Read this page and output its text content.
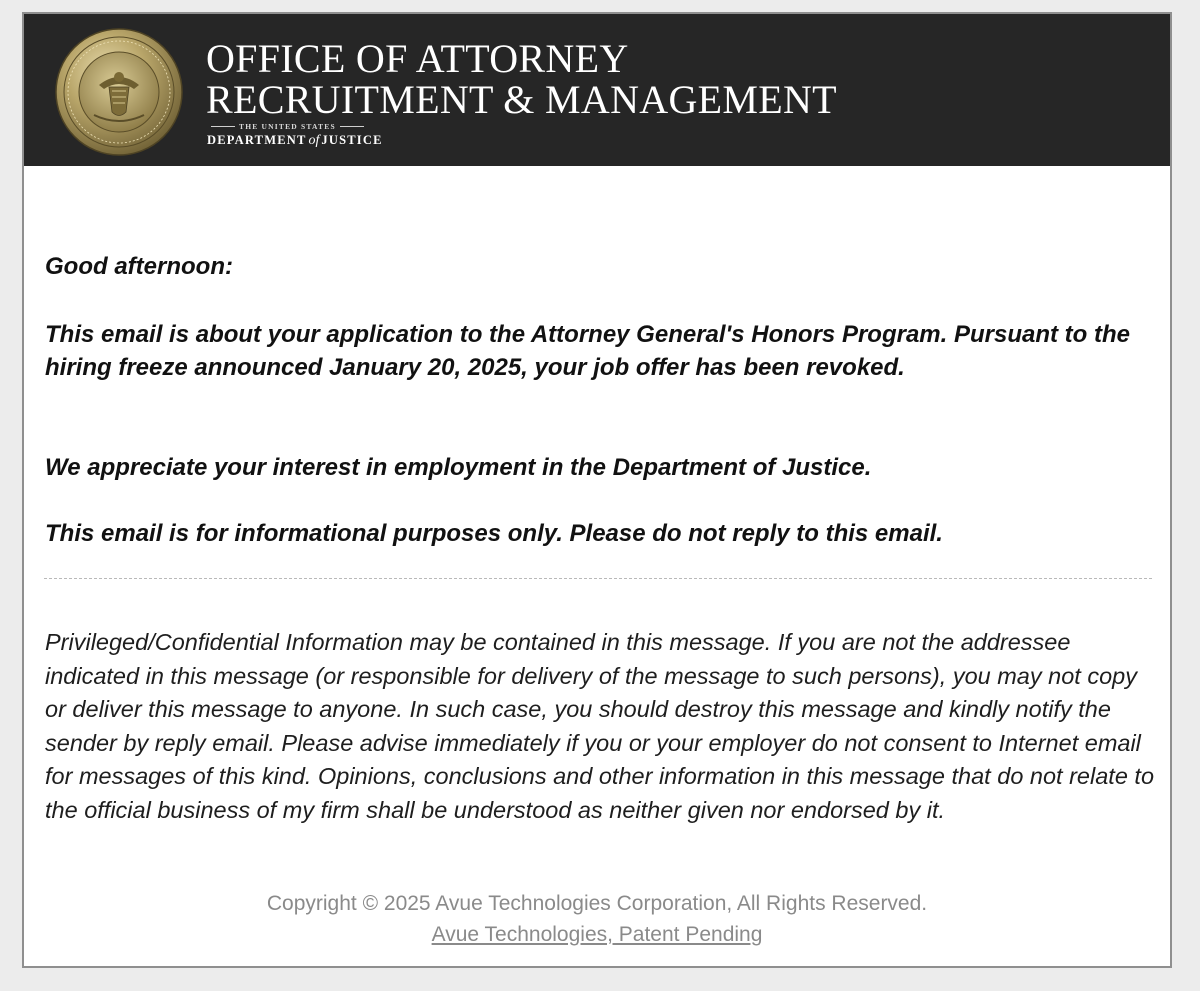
OFFICE OF ATTORNEY
RECRUITMENT & MANAGEMENT
THE UNITED STATES
DEPARTMENT of JUSTICE

Good afternoon:

This email is about your application to the Attorney General's Honors Program. Pursuant to the hiring freeze announced January 20, 2025, your job offer has been revoked.

We appreciate your interest in employment in the Department of Justice.

This email is for informational purposes only. Please do not reply to this email.

Privileged/Confidential Information may be contained in this message. If you are not the addressee indicated in this message (or responsible for delivery of the message to such persons), you may not copy or deliver this message to anyone. In such case, you should destroy this message and kindly notify the sender by reply email. Please advise immediately if you or your employer do not consent to Internet email for messages of this kind. Opinions, conclusions and other information in this message that do not relate to the official business of my firm shall be understood as neither given nor endorsed by it.

Copyright © 2025 Avue Technologies Corporation, All Rights Reserved.
Avue Technologies, Patent Pending
